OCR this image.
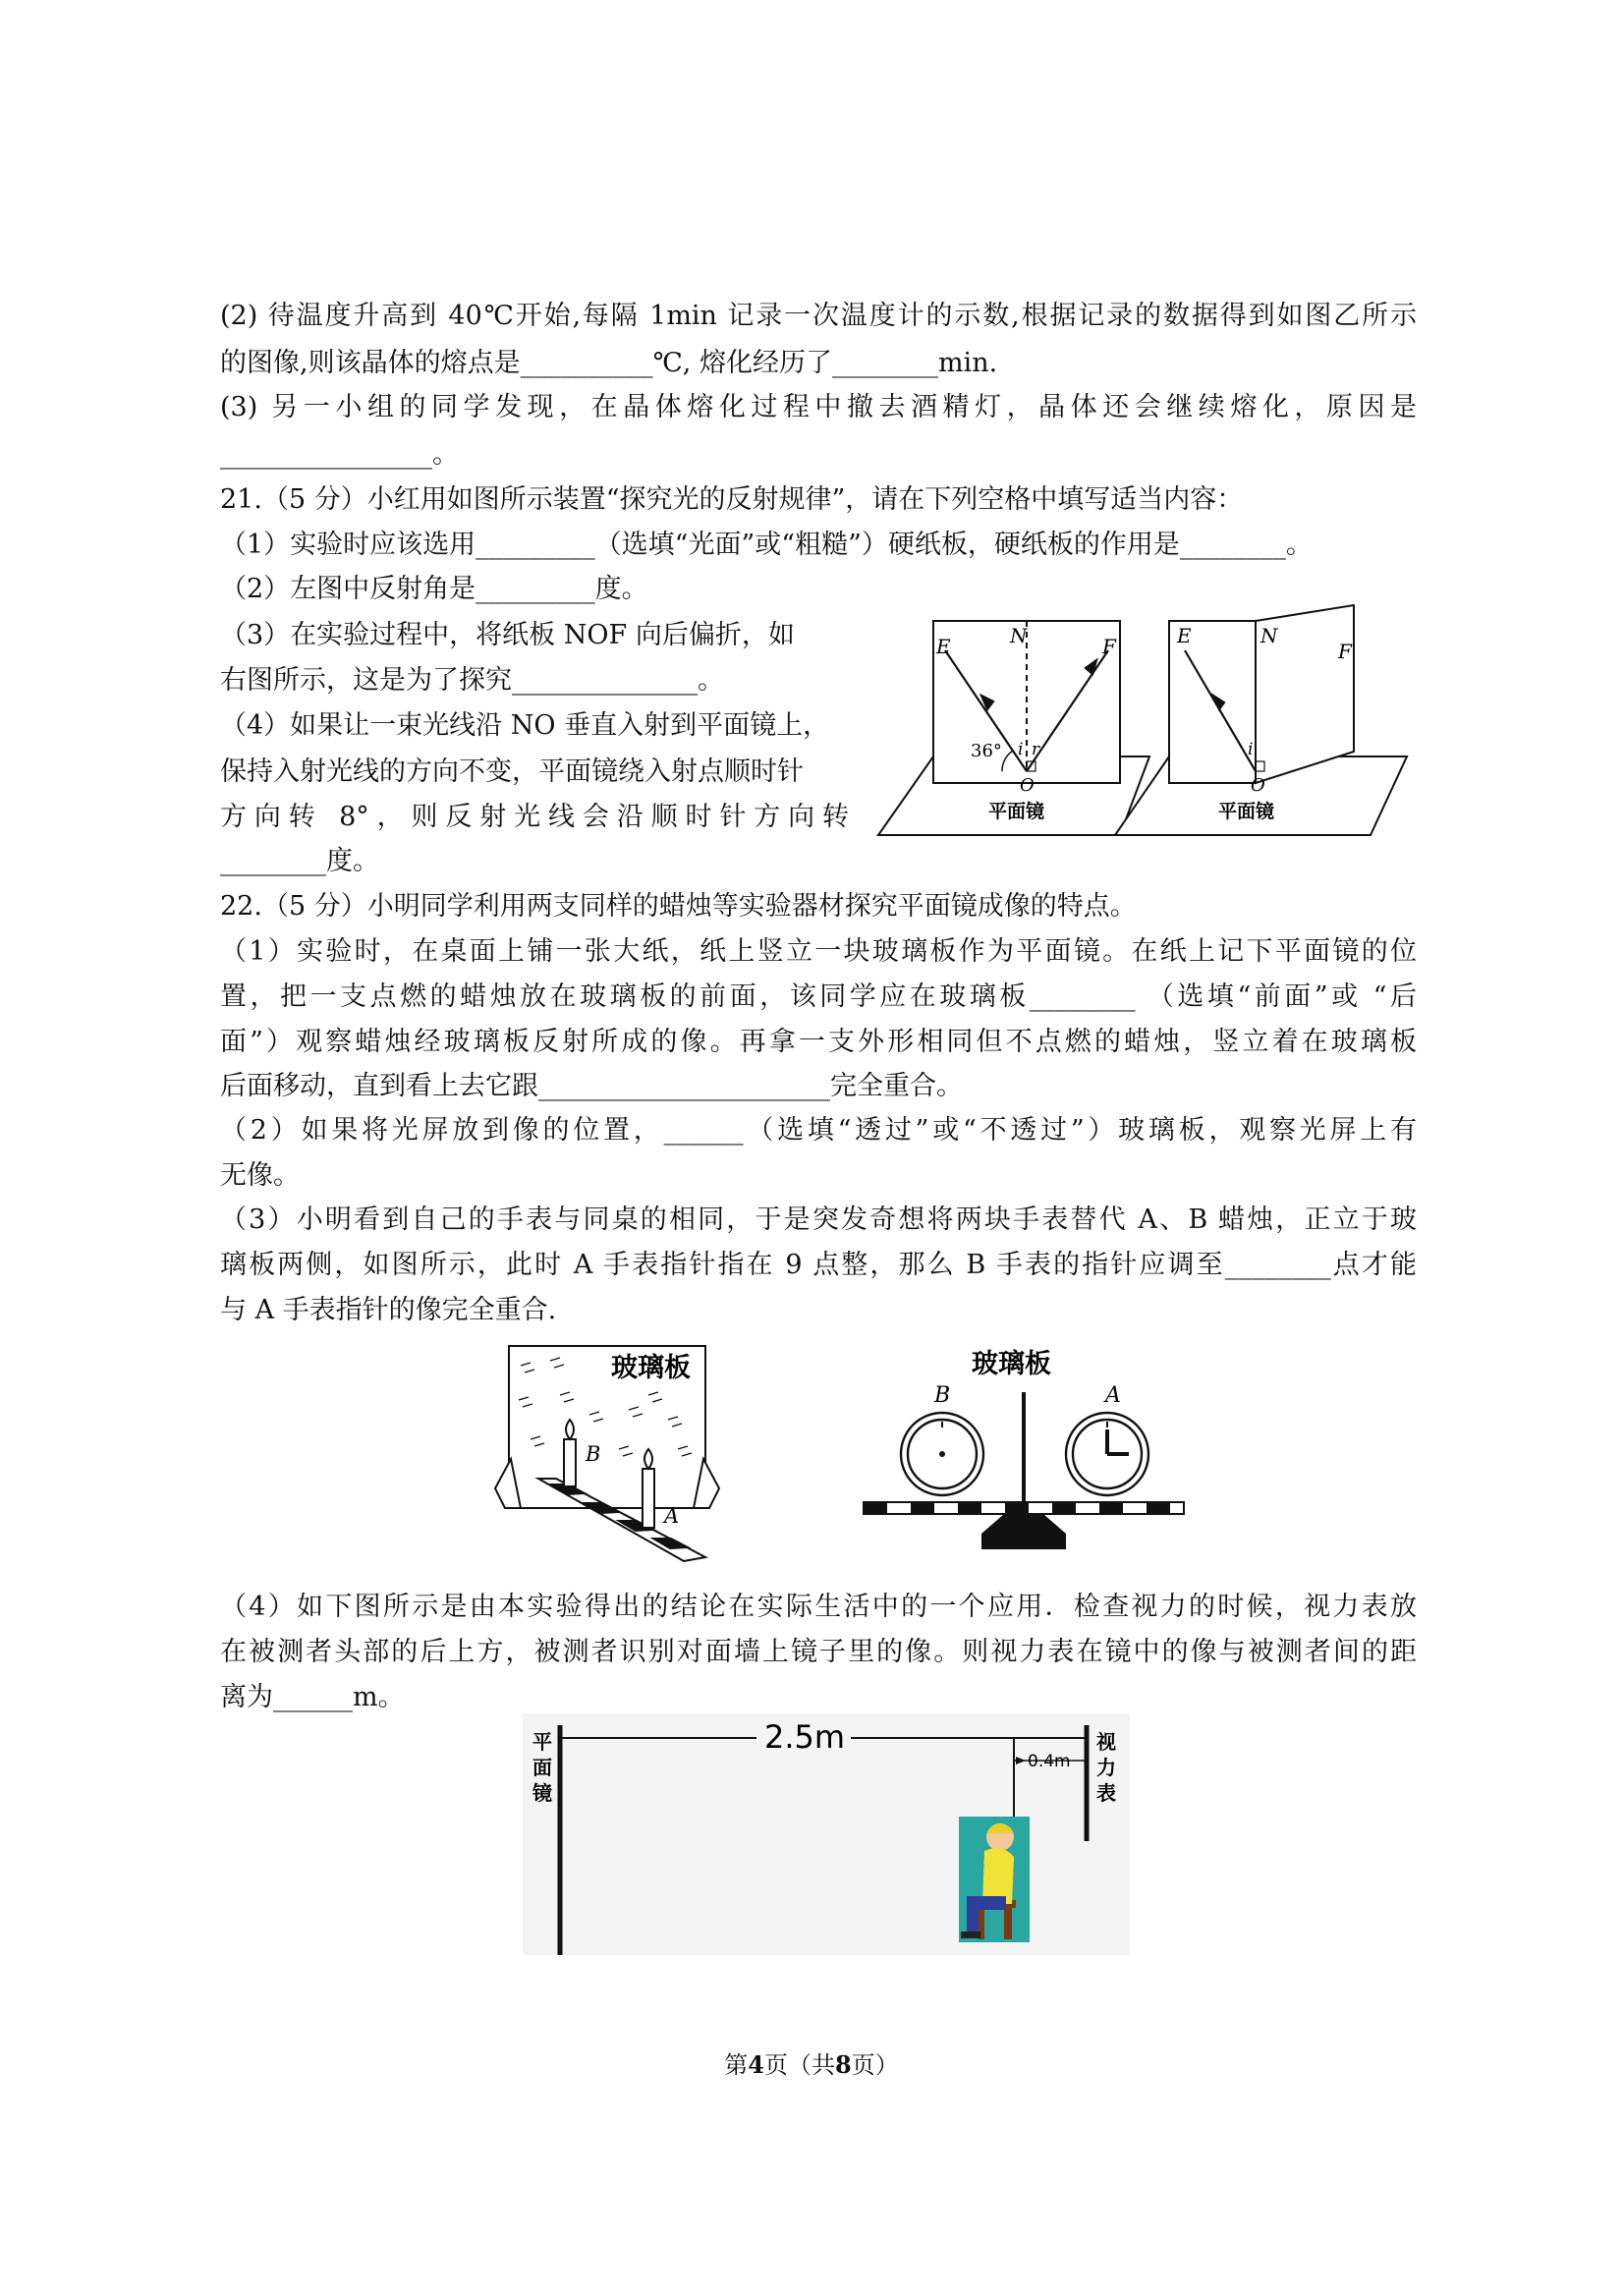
(2) 待温度升高到 40℃开始,每隔 1min 记录一次温度计的示数,根据记录的数据得到如图乙所示
的图像,则该晶体的熔点是__________℃, 熔化经历了________min.
(3) 另一小组的同学发现，在晶体熔化过程中撤去酒精灯，晶体还会继续熔化，原因是
________________。
21.（5 分）小红用如图所示装置“探究光的反射规律”，请在下列空格中填写适当内容：
（1）实验时应该选用_________（选填“光面”或“粗糙”）硬纸板，硬纸板的作用是________。
（2）左图中反射角是_________度。
（3）在实验过程中，将纸板 NOF 向后偏折，如
右图所示，这是为了探究______________。
（4）如果让一束光线沿 NO 垂直入射到平面镜上，
保持入射光线的方向不变，平面镜绕入射点顺时针
方向转 8°，则反射光线会沿顺时针方向转
________度。
22.（5 分）小明同学利用两支同样的蜡烛等实验器材探究平面镜成像的特点。
（1）实验时，在桌面上铺一张大纸，纸上竖立一块玻璃板作为平面镜。在纸上记下平面镜的位
置，把一支点燃的蜡烛放在玻璃板的前面，该同学应在玻璃板________ （选填“前面”或 “后
面”）观察蜡烛经玻璃板反射所成的像。再拿一支外形相同但不点燃的蜡烛，竖立着在玻璃板
后面移动，直到看上去它跟______________________完全重合。
（2）如果将光屏放到像的位置，______（选填“透过”或“不透过”）玻璃板，观察光屏上有
无像。
（3）小明看到自己的手表与同桌的相同，于是突发奇想将两块手表替代 A、B 蜡烛，正立于玻
璃板两侧，如图所示，此时 A 手表指针指在 9 点整，那么 B 手表的指针应调至________点才能
与 A 手表指针的像完全重合.
（4）如下图所示是由本实验得出的结论在实际生活中的一个应用．检查视力的时候，视力表放
在被测者头部的后上方，被测者识别对面墙上镜子里的像。则视力表在镜中的像与被测者间的距
离为______m。
E	N	F
i r
36°
O
平面镜
E	N
F
i
O
平面镜
玻璃板
B
A
玻璃板
B	A
2.5m
0.4m
平
面
镜
视
力
表
第4页（共8页）
